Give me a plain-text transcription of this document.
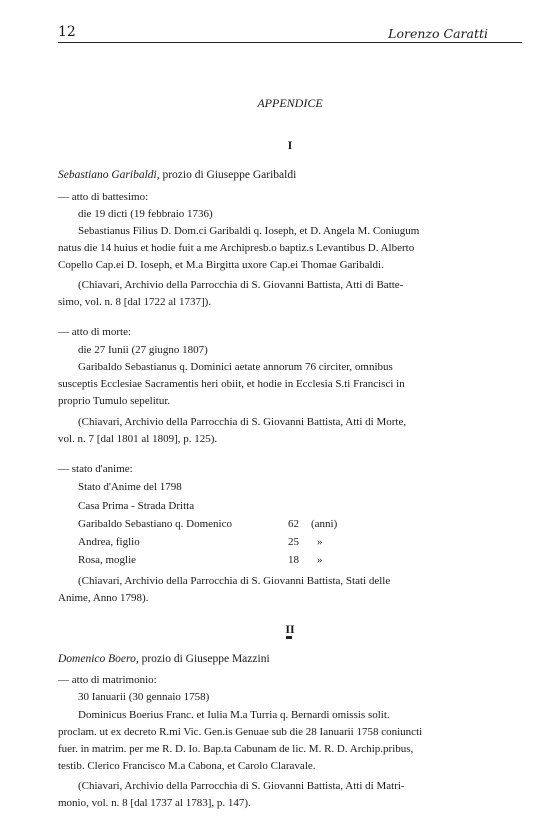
12	Lorenzo Caratti
APPENDICE
I
Sebastiano Garibaldi, prozio di Giuseppe Garibaldi
— atto di battesimo:
die 19 dicti (19 febbraio 1736)
Sebastianus Filius D. Dom.ci Garibaldi q. Ioseph, et D. Angela M. Coniugum
natus die 14 huius et hodie fuit a me Archipresb.o baptiz.s Levantibus D. Alberto
Copello Cap.ei D. Ioseph, et M.a Birgitta uxore Cap.ei Thomae Garibaldi.
(Chiavari, Archivio della Parrocchia di S. Giovanni Battista, Atti di Batte-
simo, vol. n. 8 [dal 1722 al 1737]).
— atto di morte:
die 27 Iunii (27 giugno 1807)
Garibaldo Sebastianus q. Dominici aetate annorum 76 circiter, omnibus
susceptis Ecclesiae Sacramentis heri obiit, et hodie in Ecclesia S.ti Francisci in
proprio Tumulo sepelitur.
(Chiavari, Archivio della Parrocchia di S. Giovanni Battista, Atti di Morte,
vol. n. 7 [dal 1801 al 1809], p. 125).
— stato d'anime:
Stato d'Anime del 1798
Casa Prima - Strada Dritta
Garibaldo Sebastiano q. Domenico	62 (anni)
Andrea, figlio	25 »
Rosa, moglie	18 »
(Chiavari, Archivio della Parrocchia di S. Giovanni Battista, Stati delle
Anime, Anno 1798).
II
Domenico Boero, prozio di Giuseppe Mazzini
— atto di matrimonio:
30 Ianuarii (30 gennaio 1758)
Dominicus Boerius Franc. et Iulia M.a Turria q. Bernardi omissis solit.
proclam. ut ex decreto R.mi Vic. Gen.is Genuae sub die 28 Ianuarii 1758 coniuncti
fuer. in matrim. per me R. D. Io. Bap.ta Cabunam de lic. M. R. D. Archip.pribus,
testib. Clerico Francisco M.a Cabona, et Carolo Claravale.
(Chiavari, Archivio della Parrocchia di S. Giovanni Battista, Atti di Matri-
monio, vol. n. 8 [dal 1737 al 1783], p. 147).
